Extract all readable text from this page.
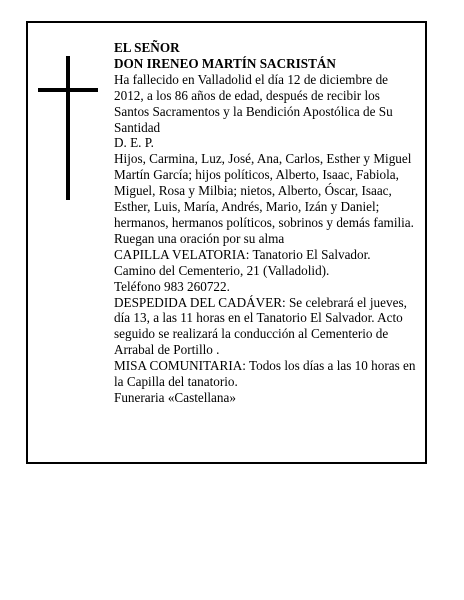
EL SEÑOR

DON IRENEO MARTÍN SACRISTÁN

Ha fallecido en Valladolid el día 12 de diciembre de 2012, a los 86 años de edad, después de recibir los Santos Sacramentos y la Bendición Apostólica de Su Santidad

D. E. P.

Hijos, Carmina, Luz, José, Ana, Carlos, Esther y Miguel Martín García; hijos políticos, Alberto, Isaac, Fabiola, Miguel, Rosa y Milbia; nietos, Alberto, Óscar, Isaac, Esther, Luis, María, Andrés, Mario, Izán y Daniel; hermanos, hermanos políticos, sobrinos y demás familia.

Ruegan una oración por su alma

CAPILLA VELATORIA: Tanatorio El Salvador.

Camino del Cementerio, 21 (Valladolid).

Teléfono 983 260722.

DESPEDIDA DEL CADÁVER: Se celebrará el jueves, día 13, a las 11 horas en el Tanatorio El Salvador. Acto seguido se realizará la conducción al Cementerio de Arrabal de Portillo .

MISA COMUNITARIA: Todos los días a las 10 horas en la Capilla del tanatorio.

Funeraria «Castellana»
